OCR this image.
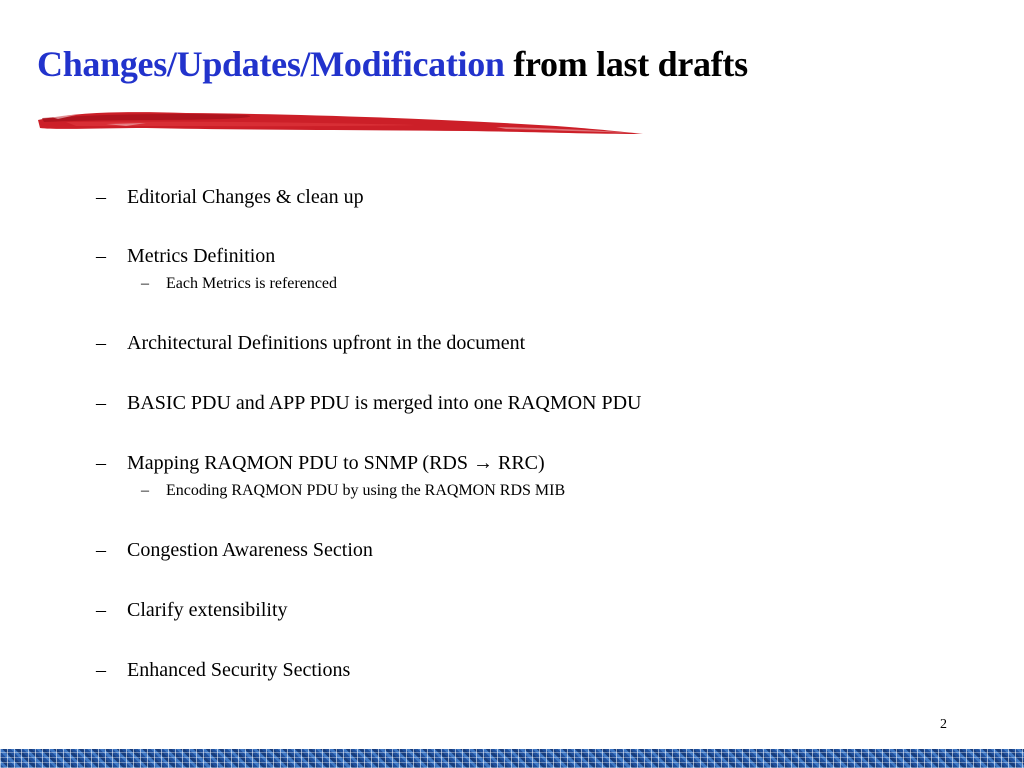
Changes/Updates/Modification from last drafts
– Editorial Changes & clean up
– Metrics Definition
– Each Metrics is referenced
– Architectural Definitions upfront in the document
– BASIC PDU and APP PDU is merged into one RAQMON PDU
– Mapping RAQMON PDU to SNMP (RDS → RRC)
– Encoding RAQMON PDU by using the RAQMON RDS MIB
– Congestion Awareness Section
– Clarify extensibility
– Enhanced Security Sections
2
